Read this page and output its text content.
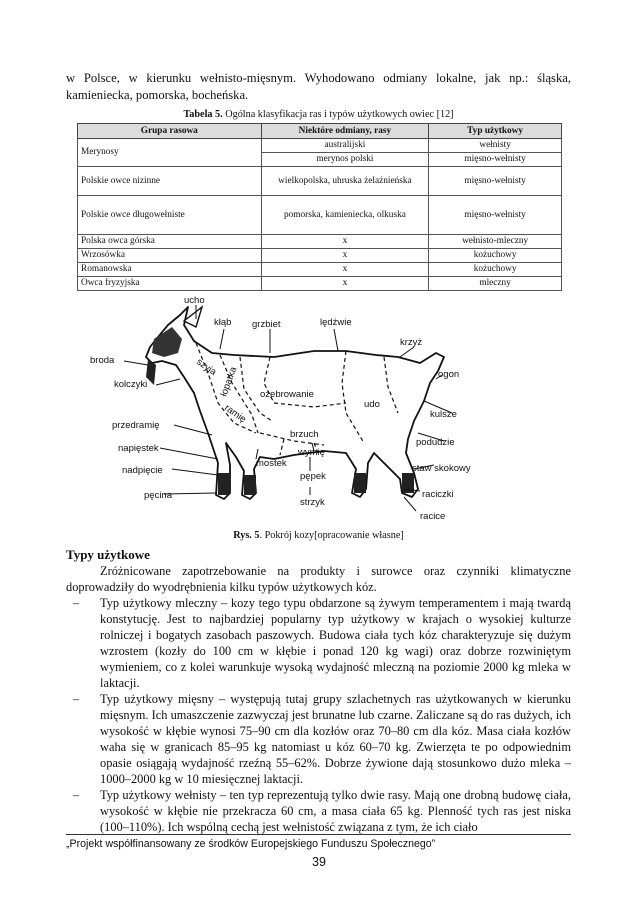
w Polsce, w kierunku wełnisto-mięsnym. Wyhodowano odmiany lokalne, jak np.: śląska, kamieniecka, pomorska, bocheńska.

Tabela 5. Ogólna klasyfikacja ras i typów użytkowych owiec [12]

Grupa rasowa	Niektóre odmiany, rasy	Typ użytkowy
Merynosy	australijski	wełnisty
	merynos polski	mięsno-wełnisty
Polskie owce nizinne	wielkopolska, uhruska żelaźnieńska	mięsno-wełnisty
Polskie owce długowełniste	pomorska, kamieniecka, olkuska	mięsno-wełnisty
Polska owca górska	x	wełnisto-mleczny
Wrzosówka	x	kożuchowy
Romanowska	x	kożuchowy
Owca fryzyjska	x	mleczny
ucho
kłąb grzbiet	lędźwie
broda	szyja
krzyż
ogon
kolczyki	łopatka ożebrowanie
udo
ramię	kulsze
przedramię
brzuch
podudzie
napięstek
mostek
wymię
staw skokowy
nadpięcie
pępek
raciczki
pęcina
strzyk
racice

Rys. 5. Pokrój kozy[opracowanie własne]

Typy użytkowe

Zróżnicowane zapotrzebowanie na produkty i surowce oraz czynniki klimatyczne doprowadziły do wyodrębnienia kilku typów użytkowych kóz.

–	Typ użytkowy mleczny – kozy tego typu obdarzone są żywym temperamentem i mają twardą konstytucję. Jest to najbardziej popularny typ użytkowy w krajach o wysokiej kulturze rolniczej i bogatych zasobach paszowych. Budowa ciała tych kóz charakteryzuje się dużym wzrostem (kozły do 100 cm w kłębie i ponad 120 kg wagi) oraz dobrze rozwiniętym wymieniem, co z kolei warunkuje wysoką wydajność mleczną na poziomie 2000 kg mleka w laktacji.

–	Typ użytkowy mięsny – występują tutaj grupy szlachetnych ras użytkowanych w kierunku mięsnym. Ich umaszczenie zazwyczaj jest brunatne lub czarne. Zaliczane są do ras dużych, ich wysokość w kłębie wynosi 75–90 cm dla kozłów oraz 70–80 cm dla kóz. Masa ciała kozłów waha się w granicach 85–95 kg natomiast u kóz 60–70 kg. Zwierzęta te po odpowiednim opasie osiągają wydajność rzeźną 55–62%. Dobrze żywione dają stosunkowo dużo mleka – 1000–2000 kg w 10 miesięcznej laktacji.

–	Typ użytkowy wełnisty – ten typ reprezentują tylko dwie rasy. Mają one drobną budowę ciała, wysokość w kłębie nie przekracza 60 cm, a masa ciała 65 kg. Plenność tych ras jest niska (100–110%). Ich wspólną cechą jest wełnistość związana z tym, że ich ciało

„Projekt współfinansowany ze środków Europejskiego Funduszu Społecznego”

39
